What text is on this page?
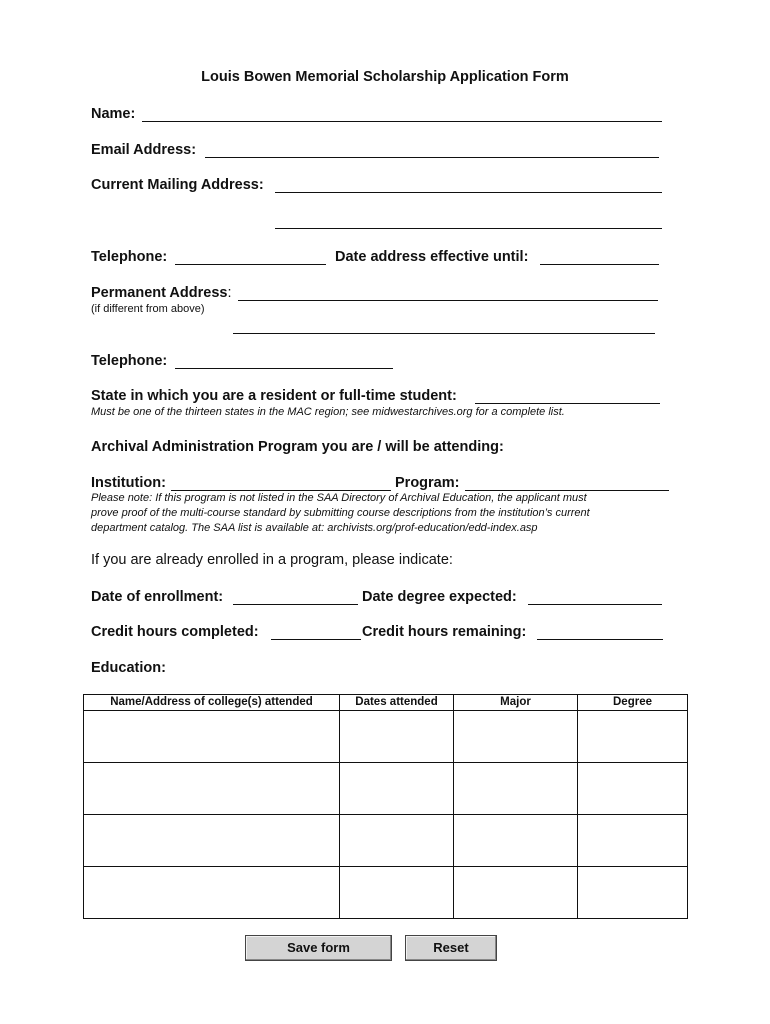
Louis Bowen Memorial Scholarship Application Form
Name:
Email Address:
Current Mailing Address:
Telephone:	Date address effective until:
Permanent Address:
(if different from above)
Telephone:
State in which you are a resident or full-time student:
Must be one of the thirteen states in the MAC region; see midwestarchives.org for a complete list.
Archival Administration Program you are / will be attending:
Institution:	Program:
Please note: If this program is not listed in the SAA Directory of Archival Education, the applicant must
prove proof of the multi-course standard by submitting course descriptions from the institution’s current
department catalog. The SAA list is available at: archivists.org/prof-education/edd-index.asp
If you are already enrolled in a program, please indicate:
Date of enrollment:	Date degree expected:
Credit hours completed:	Credit hours remaining:
Education:
Name/Address of college(s) attended	Dates attended	Major	Degree

Save form	Reset
